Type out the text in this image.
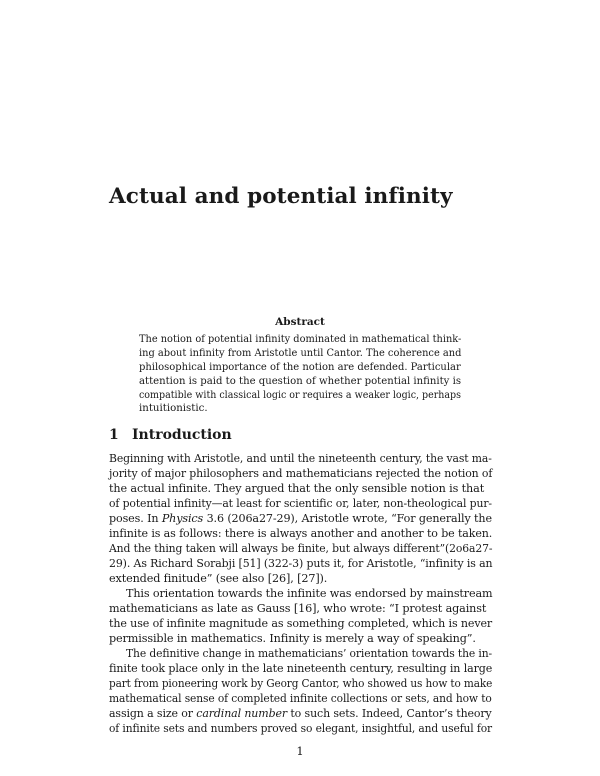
Actual and potential infinity
Abstract
The notion of potential infinity dominated in mathematical think-
ing about infinity from Aristotle until Cantor. The coherence and
philosophical importance of the notion are defended. Particular
attention is paid to the question of whether potential infinity is
compatible with classical logic or requires a weaker logic, perhaps
intuitionistic.
1 Introduction
Beginning with Aristotle, and until the nineteenth century, the vast ma-
jority of major philosophers and mathematicians rejected the notion of
the actual infinite. They argued that the only sensible notion is that
of potential infinity—at least for scientific or, later, non-theological pur-
poses. In Physics 3.6 (206a27-29), Aristotle wrote, “For generally the
infinite is as follows: there is always another and another to be taken.
And the thing taken will always be finite, but always different”(2o6a27-
29). As Richard Sorabji [51] (322-3) puts it, for Aristotle, “infinity is an
extended finitude” (see also [26], [27]).
This orientation towards the infinite was endorsed by mainstream
mathematicians as late as Gauss [16], who wrote: “I protest against
the use of infinite magnitude as something completed, which is never
permissible in mathematics. Infinity is merely a way of speaking”.
The definitive change in mathematicians’ orientation towards the in-
finite took place only in the late nineteenth century, resulting in large
part from pioneering work by Georg Cantor, who showed us how to make
mathematical sense of completed infinite collections or sets, and how to
assign a size or cardinal number to such sets. Indeed, Cantor’s theory
of infinite sets and numbers proved so elegant, insightful, and useful for
1
